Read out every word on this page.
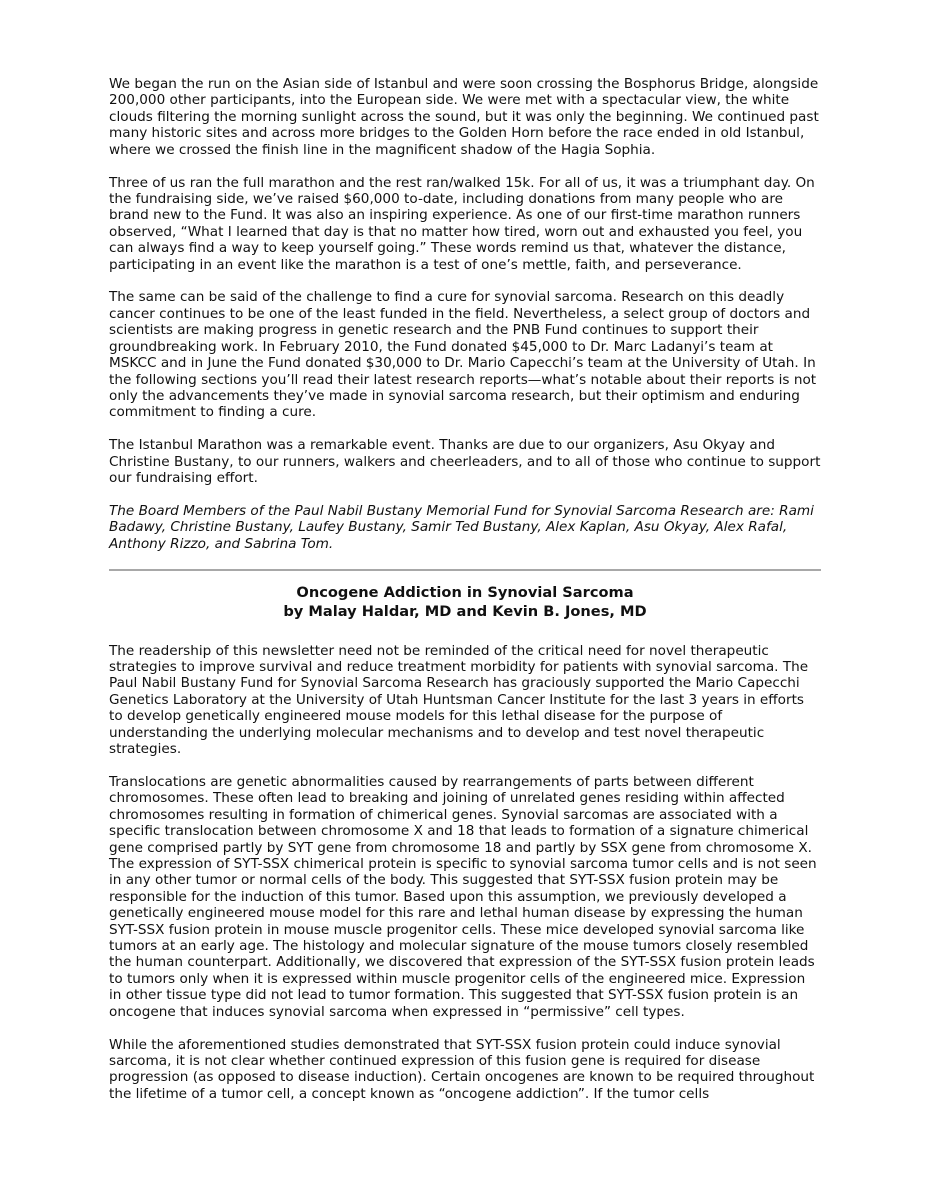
We began the run on the Asian side of Istanbul and were soon crossing the Bosphorus Bridge, alongside 200,000 other participants, into the European side. We were met with a spectacular view, the white clouds filtering the morning sunlight across the sound, but it was only the beginning. We continued past many historic sites and across more bridges to the Golden Horn before the race ended in old Istanbul, where we crossed the finish line in the magnificent shadow of the Hagia Sophia.

Three of us ran the full marathon and the rest ran/walked 15k. For all of us, it was a triumphant day. On the fundraising side, we’ve raised $60,000 to-date, including donations from many people who are brand new to the Fund. It was also an inspiring experience. As one of our first-time marathon runners observed, “What I learned that day is that no matter how tired, worn out and exhausted you feel, you can always find a way to keep yourself going.” These words remind us that, whatever the distance, participating in an event like the marathon is a test of one’s mettle, faith, and perseverance.

The same can be said of the challenge to find a cure for synovial sarcoma. Research on this deadly cancer continues to be one of the least funded in the field. Nevertheless, a select group of doctors and scientists are making progress in genetic research and the PNB Fund continues to support their groundbreaking work. In February 2010, the Fund donated $45,000 to Dr. Marc Ladanyi’s team at MSKCC and in June the Fund donated $30,000 to Dr. Mario Capecchi’s team at the University of Utah. In the following sections you’ll read their latest research reports—what’s notable about their reports is not only the advancements they’ve made in synovial sarcoma research, but their optimism and enduring commitment to finding a cure.

The Istanbul Marathon was a remarkable event. Thanks are due to our organizers, Asu Okyay and Christine Bustany, to our runners, walkers and cheerleaders, and to all of those who continue to support our fundraising effort.

The Board Members of the Paul Nabil Bustany Memorial Fund for Synovial Sarcoma Research are: Rami Badawy, Christine Bustany, Laufey Bustany, Samir Ted Bustany, Alex Kaplan, Asu Okyay, Alex Rafal, Anthony Rizzo, and Sabrina Tom.

Oncogene Addiction in Synovial Sarcoma
by Malay Haldar, MD and Kevin B. Jones, MD

The readership of this newsletter need not be reminded of the critical need for novel therapeutic strategies to improve survival and reduce treatment morbidity for patients with synovial sarcoma. The Paul Nabil Bustany Fund for Synovial Sarcoma Research has graciously supported the Mario Capecchi Genetics Laboratory at the University of Utah Huntsman Cancer Institute for the last 3 years in efforts to develop genetically engineered mouse models for this lethal disease for the purpose of understanding the underlying molecular mechanisms and to develop and test novel therapeutic strategies.

Translocations are genetic abnormalities caused by rearrangements of parts between different chromosomes. These often lead to breaking and joining of unrelated genes residing within affected chromosomes resulting in formation of chimerical genes. Synovial sarcomas are associated with a specific translocation between chromosome X and 18 that leads to formation of a signature chimerical gene comprised partly by SYT gene from chromosome 18 and partly by SSX gene from chromosome X. The expression of SYT-SSX chimerical protein is specific to synovial sarcoma tumor cells and is not seen in any other tumor or normal cells of the body. This suggested that SYT-SSX fusion protein may be responsible for the induction of this tumor. Based upon this assumption, we previously developed a genetically engineered mouse model for this rare and lethal human disease by expressing the human SYT-SSX fusion protein in mouse muscle progenitor cells. These mice developed synovial sarcoma like tumors at an early age. The histology and molecular signature of the mouse tumors closely resembled the human counterpart. Additionally, we discovered that expression of the SYT-SSX fusion protein leads to tumors only when it is expressed within muscle progenitor cells of the engineered mice. Expression in other tissue type did not lead to tumor formation. This suggested that SYT-SSX fusion protein is an oncogene that induces synovial sarcoma when expressed in “permissive” cell types.

While the aforementioned studies demonstrated that SYT-SSX fusion protein could induce synovial sarcoma, it is not clear whether continued expression of this fusion gene is required for disease progression (as opposed to disease induction). Certain oncogenes are known to be required throughout the lifetime of a tumor cell, a concept known as “oncogene addiction”. If the tumor cells
